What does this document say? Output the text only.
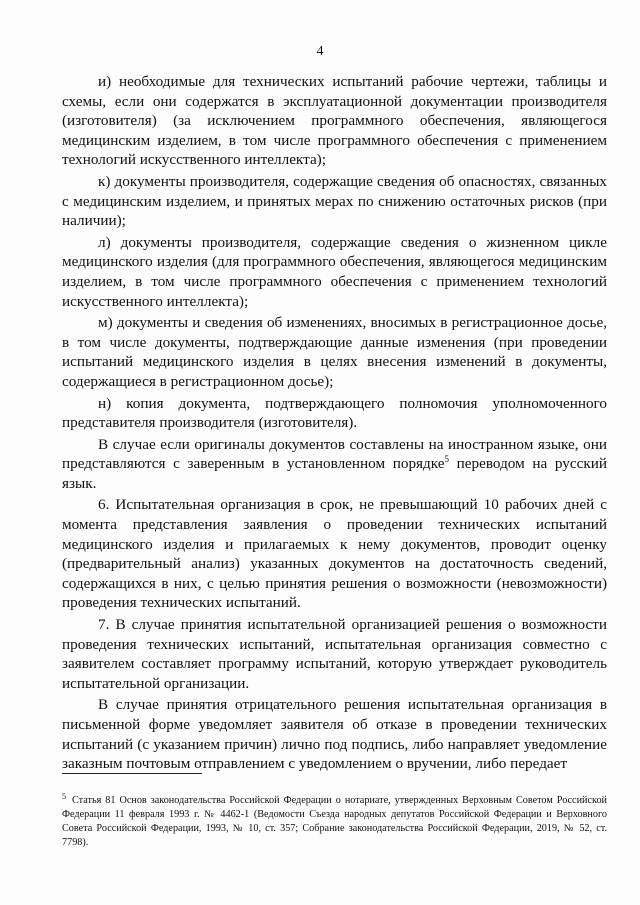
4

и) необходимые для технических испытаний рабочие чертежи, таблицы и схемы, если они содержатся в эксплуатационной документации производителя (изготовителя) (за исключением программного обеспечения, являющегося медицинским изделием, в том числе программного обеспечения с применением технологий искусственного интеллекта);

к) документы производителя, содержащие сведения об опасностях, связанных с медицинским изделием, и принятых мерах по снижению остаточных рисков (при наличии);

л) документы производителя, содержащие сведения о жизненном цикле медицинского изделия (для программного обеспечения, являющегося медицинским изделием, в том числе программного обеспечения с применением технологий искусственного интеллекта);

м) документы и сведения об изменениях, вносимых в регистрационное досье, в том числе документы, подтверждающие данные изменения (при проведении испытаний медицинского изделия в целях внесения изменений в документы, содержащиеся в регистрационном досье);

н) копия документа, подтверждающего полномочия уполномоченного представителя производителя (изготовителя).

В случае если оригиналы документов составлены на иностранном языке, они представляются с заверенным в установленном порядке$^5$ переводом на русский язык.

6. Испытательная организация в срок, не превышающий 10 рабочих дней с момента представления заявления о проведении технических испытаний медицинского изделия и прилагаемых к нему документов, проводит оценку (предварительный анализ) указанных документов на достаточность сведений, содержащихся в них, с целью принятия решения о возможности (невозможности) проведения технических испытаний.

7. В случае принятия испытательной организацией решения о возможности проведения технических испытаний, испытательная организация совместно с заявителем составляет программу испытаний, которую утверждает руководитель испытательной организации.

В случае принятия отрицательного решения испытательная организация в письменной форме уведомляет заявителя об отказе в проведении технических испытаний (с указанием причин) лично под подпись, либо направляет уведомление заказным почтовым отправлением с уведомлением о вручении, либо передает

$^5$ Статья 81 Основ законодательства Российской Федерации о нотариате, утвержденных Верховным Советом Российской Федерации 11 февраля 1993 г. № 4462-1 (Ведомости Съезда народных депутатов Российской Федерации и Верховного Совета Российской Федерации, 1993, № 10, ст. 357; Собрание законодательства Российской Федерации, 2019, № 52, ст. 7798).
